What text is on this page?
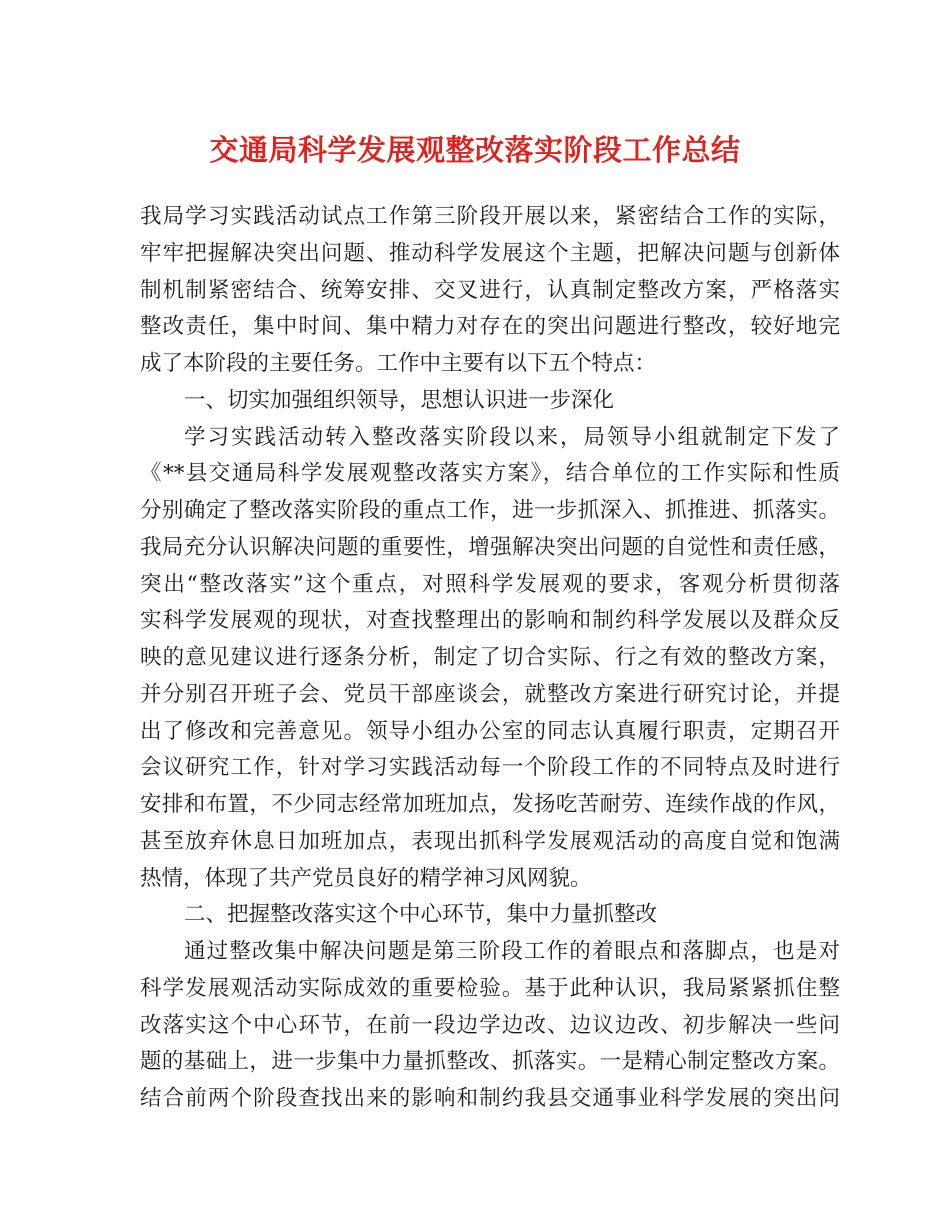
交通局科学发展观整改落实阶段工作总结
我局学习实践活动试点工作第三阶段开展以来，紧密结合工作的实际，
牢牢把握解决突出问题、推动科学发展这个主题，把解决问题与创新体
制机制紧密结合、统筹安排、交叉进行，认真制定整改方案，严格落实
整改责任，集中时间、集中精力对存在的突出问题进行整改，较好地完
成了本阶段的主要任务。工作中主要有以下五个特点：
一、切实加强组织领导，思想认识进一步深化
学习实践活动转入整改落实阶段以来，局领导小组就制定下发了
《**县交通局科学发展观整改落实方案》，结合单位的工作实际和性质
分别确定了整改落实阶段的重点工作，进一步抓深入、抓推进、抓落实。
我局充分认识解决问题的重要性，增强解决突出问题的自觉性和责任感，
突出“整改落实”这个重点，对照科学发展观的要求，客观分析贯彻落
实科学发展观的现状，对查找整理出的影响和制约科学发展以及群众反
映的意见建议进行逐条分析，制定了切合实际、行之有效的整改方案，
并分别召开班子会、党员干部座谈会，就整改方案进行研究讨论，并提
出了修改和完善意见。领导小组办公室的同志认真履行职责，定期召开
会议研究工作，针对学习实践活动每一个阶段工作的不同特点及时进行
安排和布置，不少同志经常加班加点，发扬吃苦耐劳、连续作战的作风，
甚至放弃休息日加班加点，表现出抓科学发展观活动的高度自觉和饱满
热情，体现了共产党员良好的精学神习风网貌。
二、把握整改落实这个中心环节，集中力量抓整改
通过整改集中解决问题是第三阶段工作的着眼点和落脚点，也是对
科学发展观活动实际成效的重要检验。基于此种认识，我局紧紧抓住整
改落实这个中心环节，在前一段边学边改、边议边改、初步解决一些问
题的基础上，进一步集中力量抓整改、抓落实。一是精心制定整改方案。
结合前两个阶段查找出来的影响和制约我县交通事业科学发展的突出问
